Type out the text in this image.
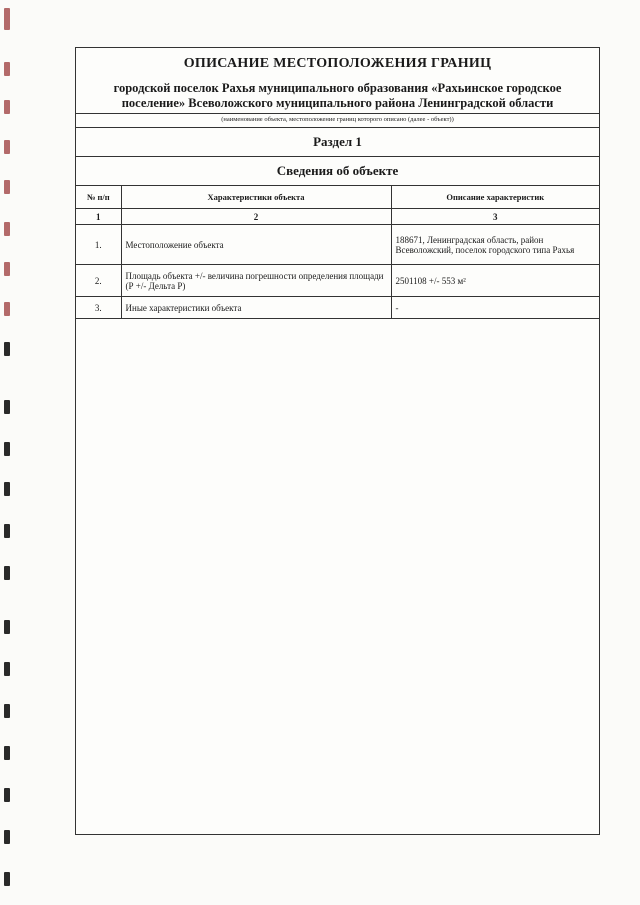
ОПИСАНИЕ МЕСТОПОЛОЖЕНИЯ ГРАНИЦ
городской поселок Рахья муниципального образования «Рахьинское городское поселение» Всеволожского муниципального района Ленинградской области
(наименование объекта, местоположение границ которого описано (далее - объект))
Раздел 1
Сведения об объекте
№ п/п	Характеристики объекта	Описание характеристик
1	2	3
1.	Местоположение объекта	188671, Ленинградская область, район Всеволожский, поселок городского типа Рахья
2.	Площадь объекта +/- величина погрешности определения площади (Р +/- Дельта Р)	2501108 +/- 553 м²
3.	Иные характеристики объекта	-
